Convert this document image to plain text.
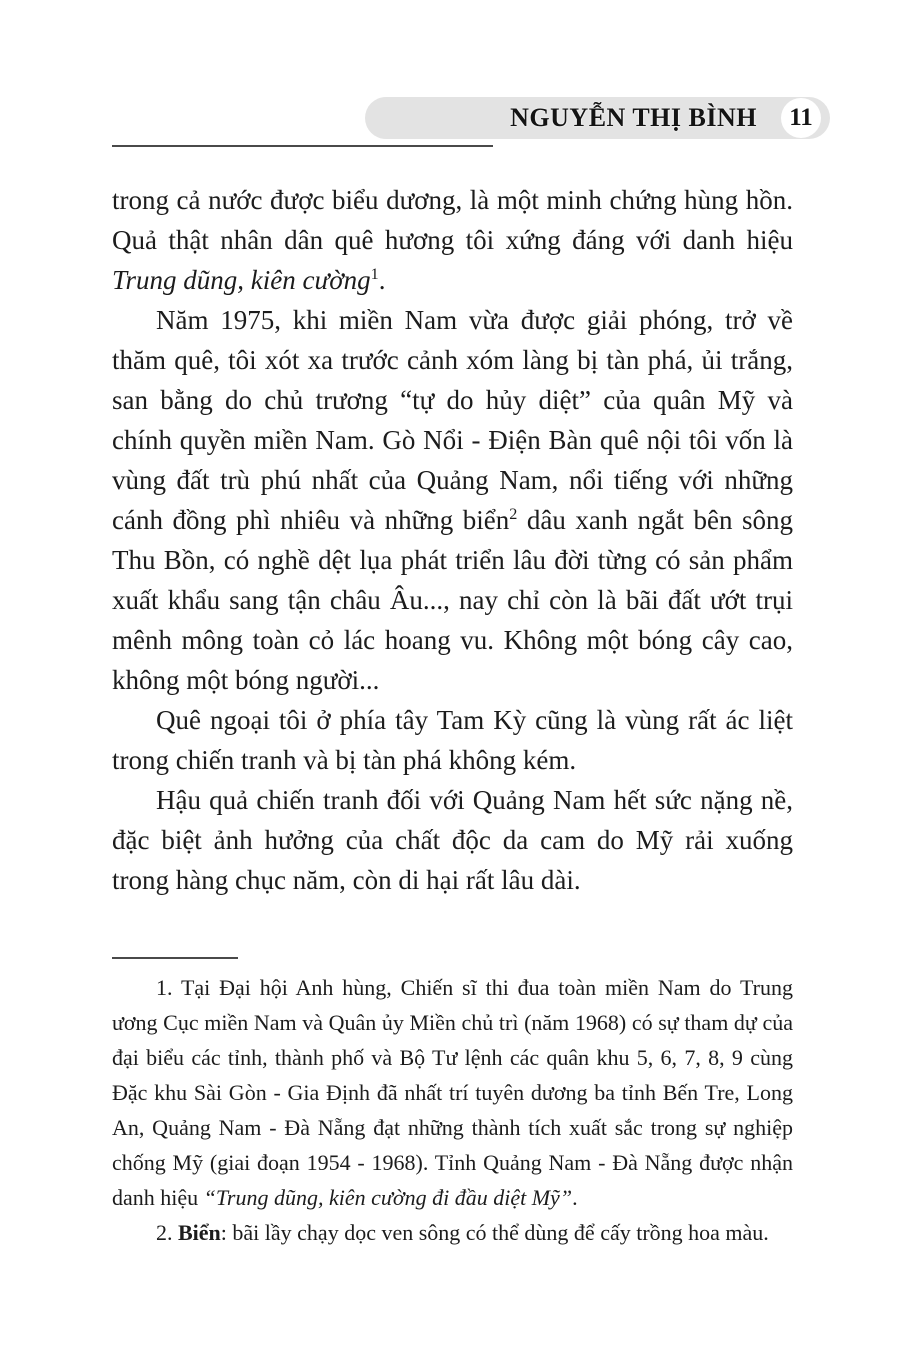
NGUYỄN THỊ BÌNH 11

trong cả nước được biểu dương, là một minh chứng hùng hồn. Quả thật nhân dân quê hương tôi xứng đáng với danh hiệu Trung dũng, kiên cường$^1$.

Năm 1975, khi miền Nam vừa được giải phóng, trở về thăm quê, tôi xót xa trước cảnh xóm làng bị tàn phá, ủi trắng, san bằng do chủ trương “tự do hủy diệt” của quân Mỹ và chính quyền miền Nam. Gò Nổi - Điện Bàn quê nội tôi vốn là vùng đất trù phú nhất của Quảng Nam, nổi tiếng với những cánh đồng phì nhiêu và những biển$^2$ dâu xanh ngắt bên sông Thu Bồn, có nghề dệt lụa phát triển lâu đời từng có sản phẩm xuất khẩu sang tận châu Âu..., nay chỉ còn là bãi đất ướt trụi mênh mông toàn cỏ lác hoang vu. Không một bóng cây cao, không một bóng người...

Quê ngoại tôi ở phía tây Tam Kỳ cũng là vùng rất ác liệt trong chiến tranh và bị tàn phá không kém.

Hậu quả chiến tranh đối với Quảng Nam hết sức nặng nề, đặc biệt ảnh hưởng của chất độc da cam do Mỹ rải xuống trong hàng chục năm, còn di hại rất lâu dài.

1. Tại Đại hội Anh hùng, Chiến sĩ thi đua toàn miền Nam do Trung ương Cục miền Nam và Quân ủy Miền chủ trì (năm 1968) có sự tham dự của đại biểu các tỉnh, thành phố và Bộ Tư lệnh các quân khu 5, 6, 7, 8, 9 cùng Đặc khu Sài Gòn - Gia Định đã nhất trí tuyên dương ba tỉnh Bến Tre, Long An, Quảng Nam - Đà Nẵng đạt những thành tích xuất sắc trong sự nghiệp chống Mỹ (giai đoạn 1954 - 1968). Tỉnh Quảng Nam - Đà Nẵng được nhận danh hiệu “Trung dũng, kiên cường đi đầu diệt Mỹ”.

2. Biển: bãi lầy chạy dọc ven sông có thể dùng để cấy trồng hoa màu.
